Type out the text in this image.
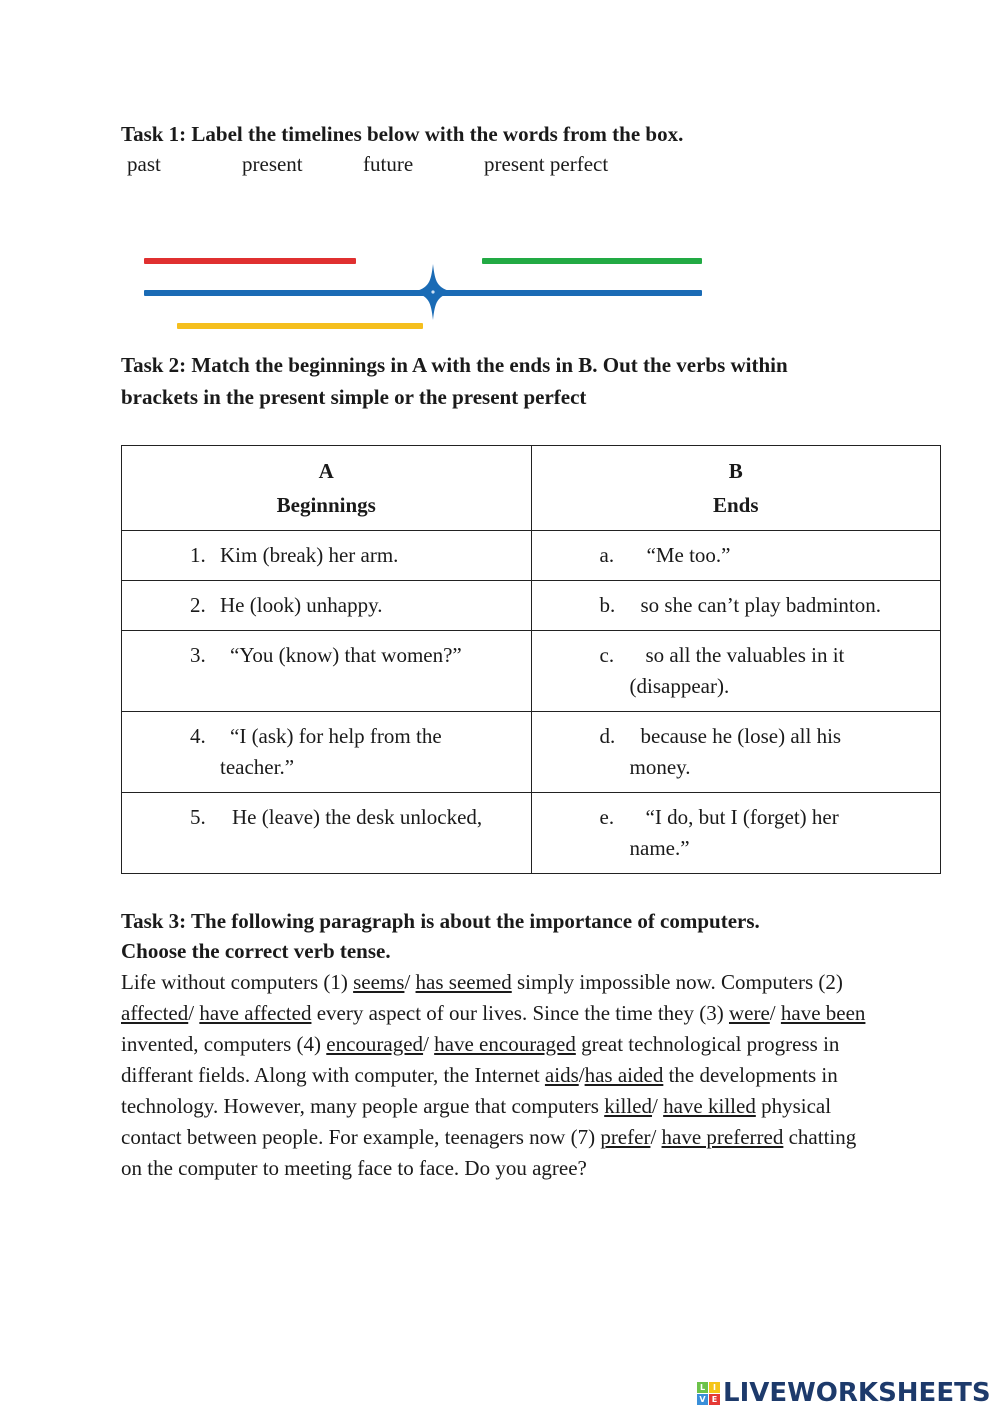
Task 1: Label the timelines below with the words from the box.
past	present	future	present perfect
Task 2: Match the beginnings in A with the ends in B. Out the verbs within
brackets in the present simple or the present perfect
A
Beginnings

B
Ends

1. Kim (break) her arm.	a. “Me too.”

2. He (look) unhappy.	b. so she can’t play badminton.

3. “You (know) that women?”	c. so all the valuables in it (disappear).

4. “I (ask) for help from the teacher.”	d. because he (lose) all his money.

5. He (leave) the desk unlocked,	e. “I do, but I (forget) her name.”
Task 3: The following paragraph is about the importance of computers.
Choose the correct verb tense.
Life without computers (1) seems/ has seemed simply impossible now. Computers (2) affected/ have affected every aspect of our lives. Since the time they (3) were/ have been invented, computers (4) encouraged/ have encouraged great technological progress in differant fields. Along with computer, the Internet aids/has aided the developments in technology. However, many people argue that computers killed/ have killed physical contact between people. For example, teenagers now (7) prefer/ have preferred chatting on the computer to meeting face to face. Do you agree?
L I
V E LIVEWORKSHEETS
